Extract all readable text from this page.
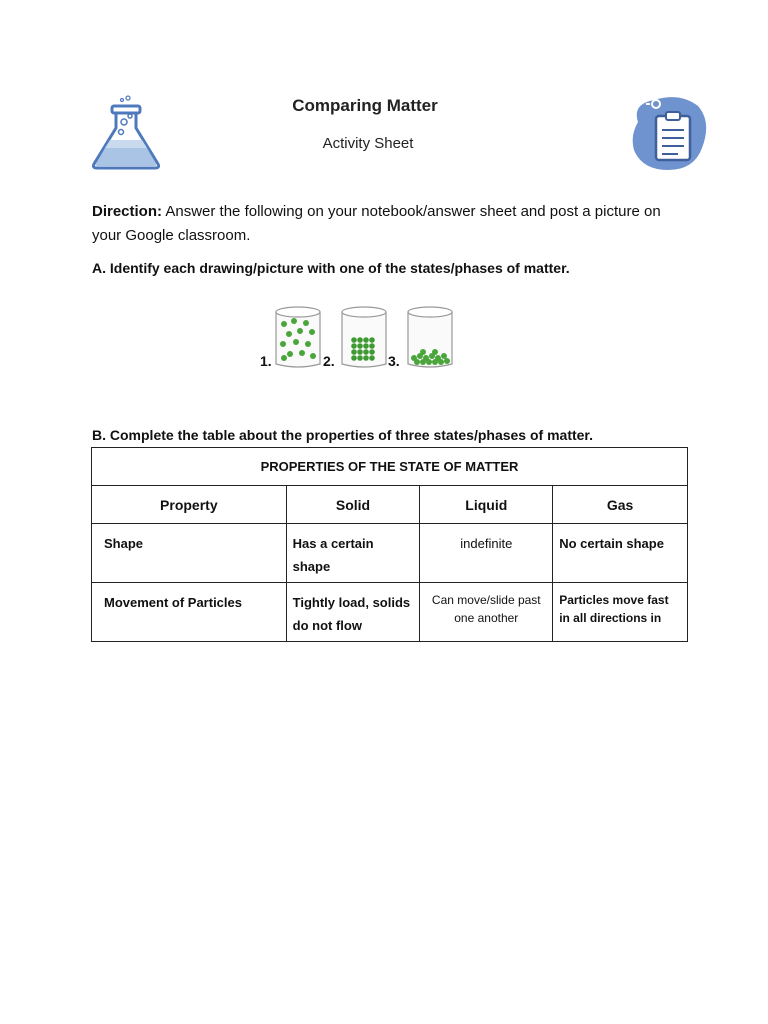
Comparing Matter
Activity Sheet
Direction: Answer the following on your notebook/answer sheet and post a picture on your Google classroom.
A. Identify each drawing/picture with one of the states/phases of matter.
1.	2.	3.
B. Complete the table about the properties of three states/phases of matter.
PROPERTIES OF THE STATE OF MATTER			
Property	Solid	Liquid	Gas
Shape	Has a certain shape	indefinite	No certain shape
Movement of Particles	Tightly load, solids do not flow	Can move/slide past one another	Particles move fast in all directions in
